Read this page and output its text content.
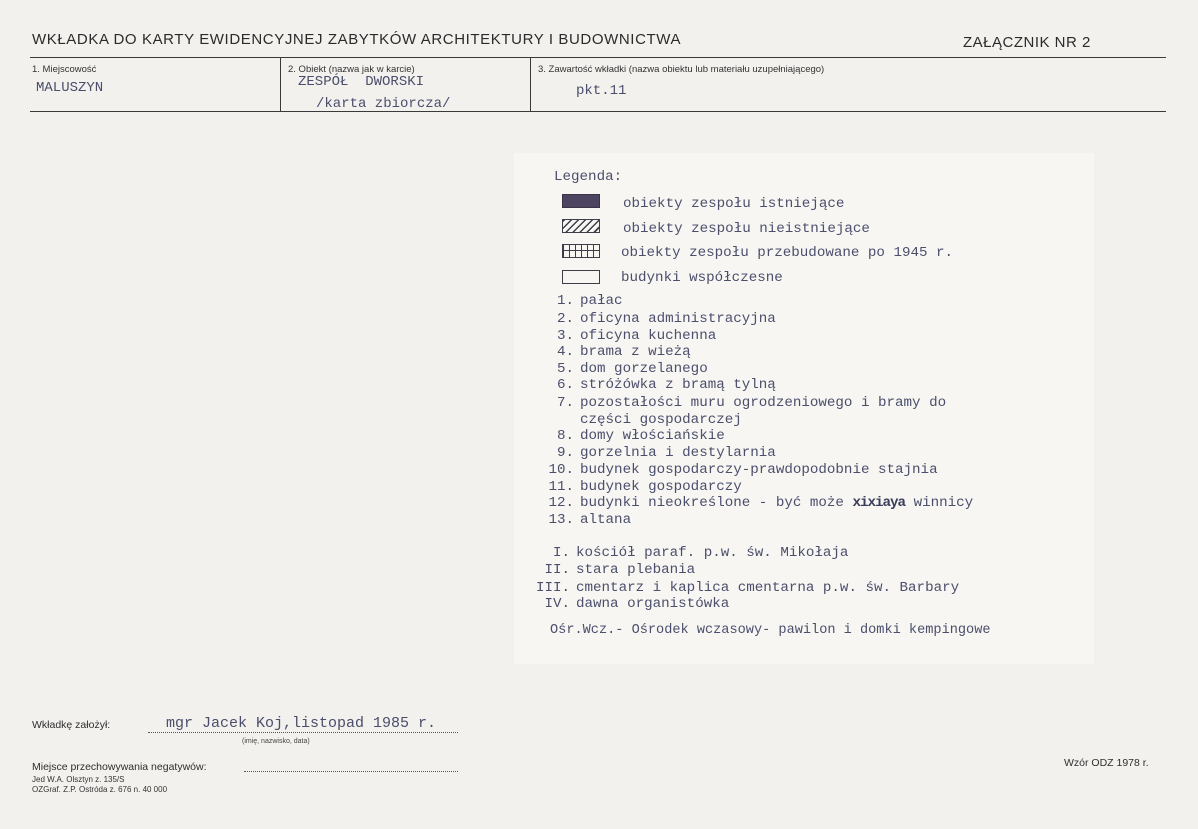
WKŁADKA DO KARTY EWIDENCYJNEJ ZABYTKÓW ARCHITEKTURY I BUDOWNICTWA	ZAŁĄCZNIK NR 2
1. Miejscowość
MALUSZYN
2. Obiekt (nazwa jak w karcie)
ZESPÓŁ  DWORSKI
/karta zbiorcza/
3. Zawartość wkładki (nazwa obiektu lub materiału uzupełniającego)
pkt.11
Legenda:
obiekty zespołu istniejące
obiekty zespołu nieistniejące
obiekty zespołu przebudowane po 1945 r.
budynki współczesne
1. pałac
2. oficyna administracyjna
3. oficyna kuchenna
4. brama z wieżą
5. dom gorzelanego
6. stróżówka z bramą tylną
7. pozostałości muru ogrodzeniowego i bramy do
części gospodarczej
8. domy włościańskie
9. gorzelnia i destylarnia
10. budynek gospodarczy-prawdopodobnie stajnia
11. budynek gospodarczy
12. budynki nieokreślone - być może xixiaya winnicy
13. altana
I. kościół paraf. p.w. św. Mikołaja
II. stara plebania
III. cmentarz i kaplica cmentarna p.w. św. Barbary
IV. dawna organistówka
Ośr.Wcz.- Ośrodek wczasowy- pawilon i domki kempingowe
Wkładkę założył:	mgr Jacek Koj,listopad 1985 r.
(imię, nazwisko, data)
Miejsce przechowywania negatywów:
Jed W.A. Olsztyn z. 135/S
OZGraf. Z.P. Ostróda z. 676 n. 40 000
Wzór ODZ 1978 r.
